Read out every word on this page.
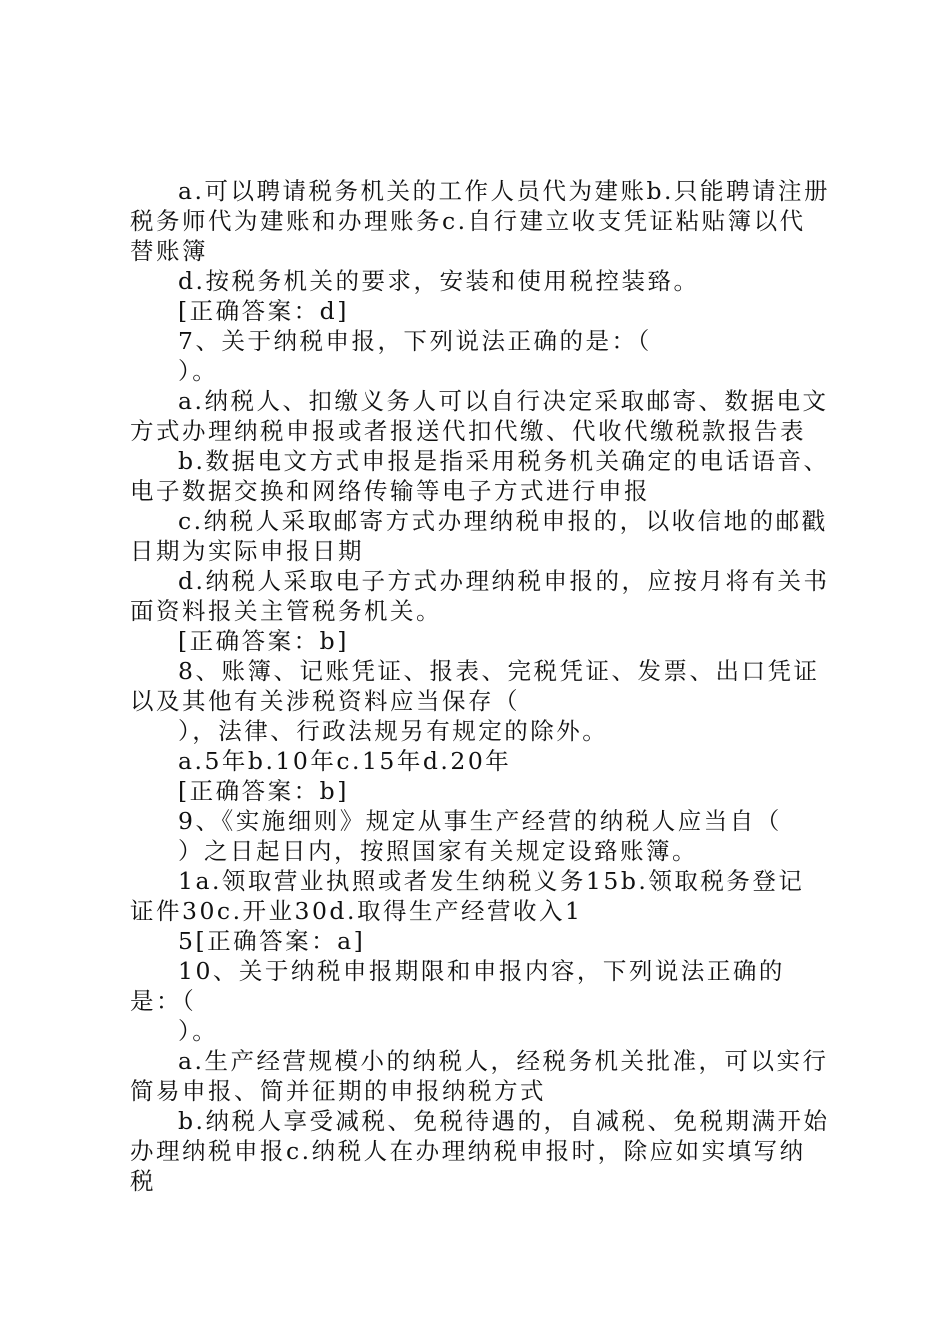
a.可以聘请税务机关的工作人员代为建账b.只能聘请注册税务师代为建账和办理账务c.自行建立收支凭证粘贴簿以代替账簿

d.按税务机关的要求，安装和使用税控装臵。

[正确答案：d]

7、关于纳税申报，下列说法正确的是：（

）。

a.纳税人、扣缴义务人可以自行决定采取邮寄、数据电文方式办理纳税申报或者报送代扣代缴、代收代缴税款报告表

b.数据电文方式申报是指采用税务机关确定的电话语音、电子数据交换和网络传输等电子方式进行申报

c.纳税人采取邮寄方式办理纳税申报的，以收信地的邮戳日期为实际申报日期

d.纳税人采取电子方式办理纳税申报的，应按月将有关书面资料报关主管税务机关。

[正确答案：b]

8、账簿、记账凭证、报表、完税凭证、发票、出口凭证以及其他有关涉税资料应当保存（

），法律、行政法规另有规定的除外。

a.5年b.10年c.15年d.20年

[正确答案：b]

9、《实施细则》规定从事生产经营的纳税人应当自（

）之日起日内，按照国家有关规定设臵账簿。

1a.领取营业执照或者发生纳税义务15b.领取税务登记证件30c.开业30d.取得生产经营收入1

5[正确答案：a]

10、关于纳税申报期限和申报内容，下列说法正确的是：（

）。

a.生产经营规模小的纳税人，经税务机关批准，可以实行简易申报、简并征期的申报纳税方式

b.纳税人享受减税、免税待遇的，自减税、免税期满开始办理纳税申报c.纳税人在办理纳税申报时，除应如实填写纳税
